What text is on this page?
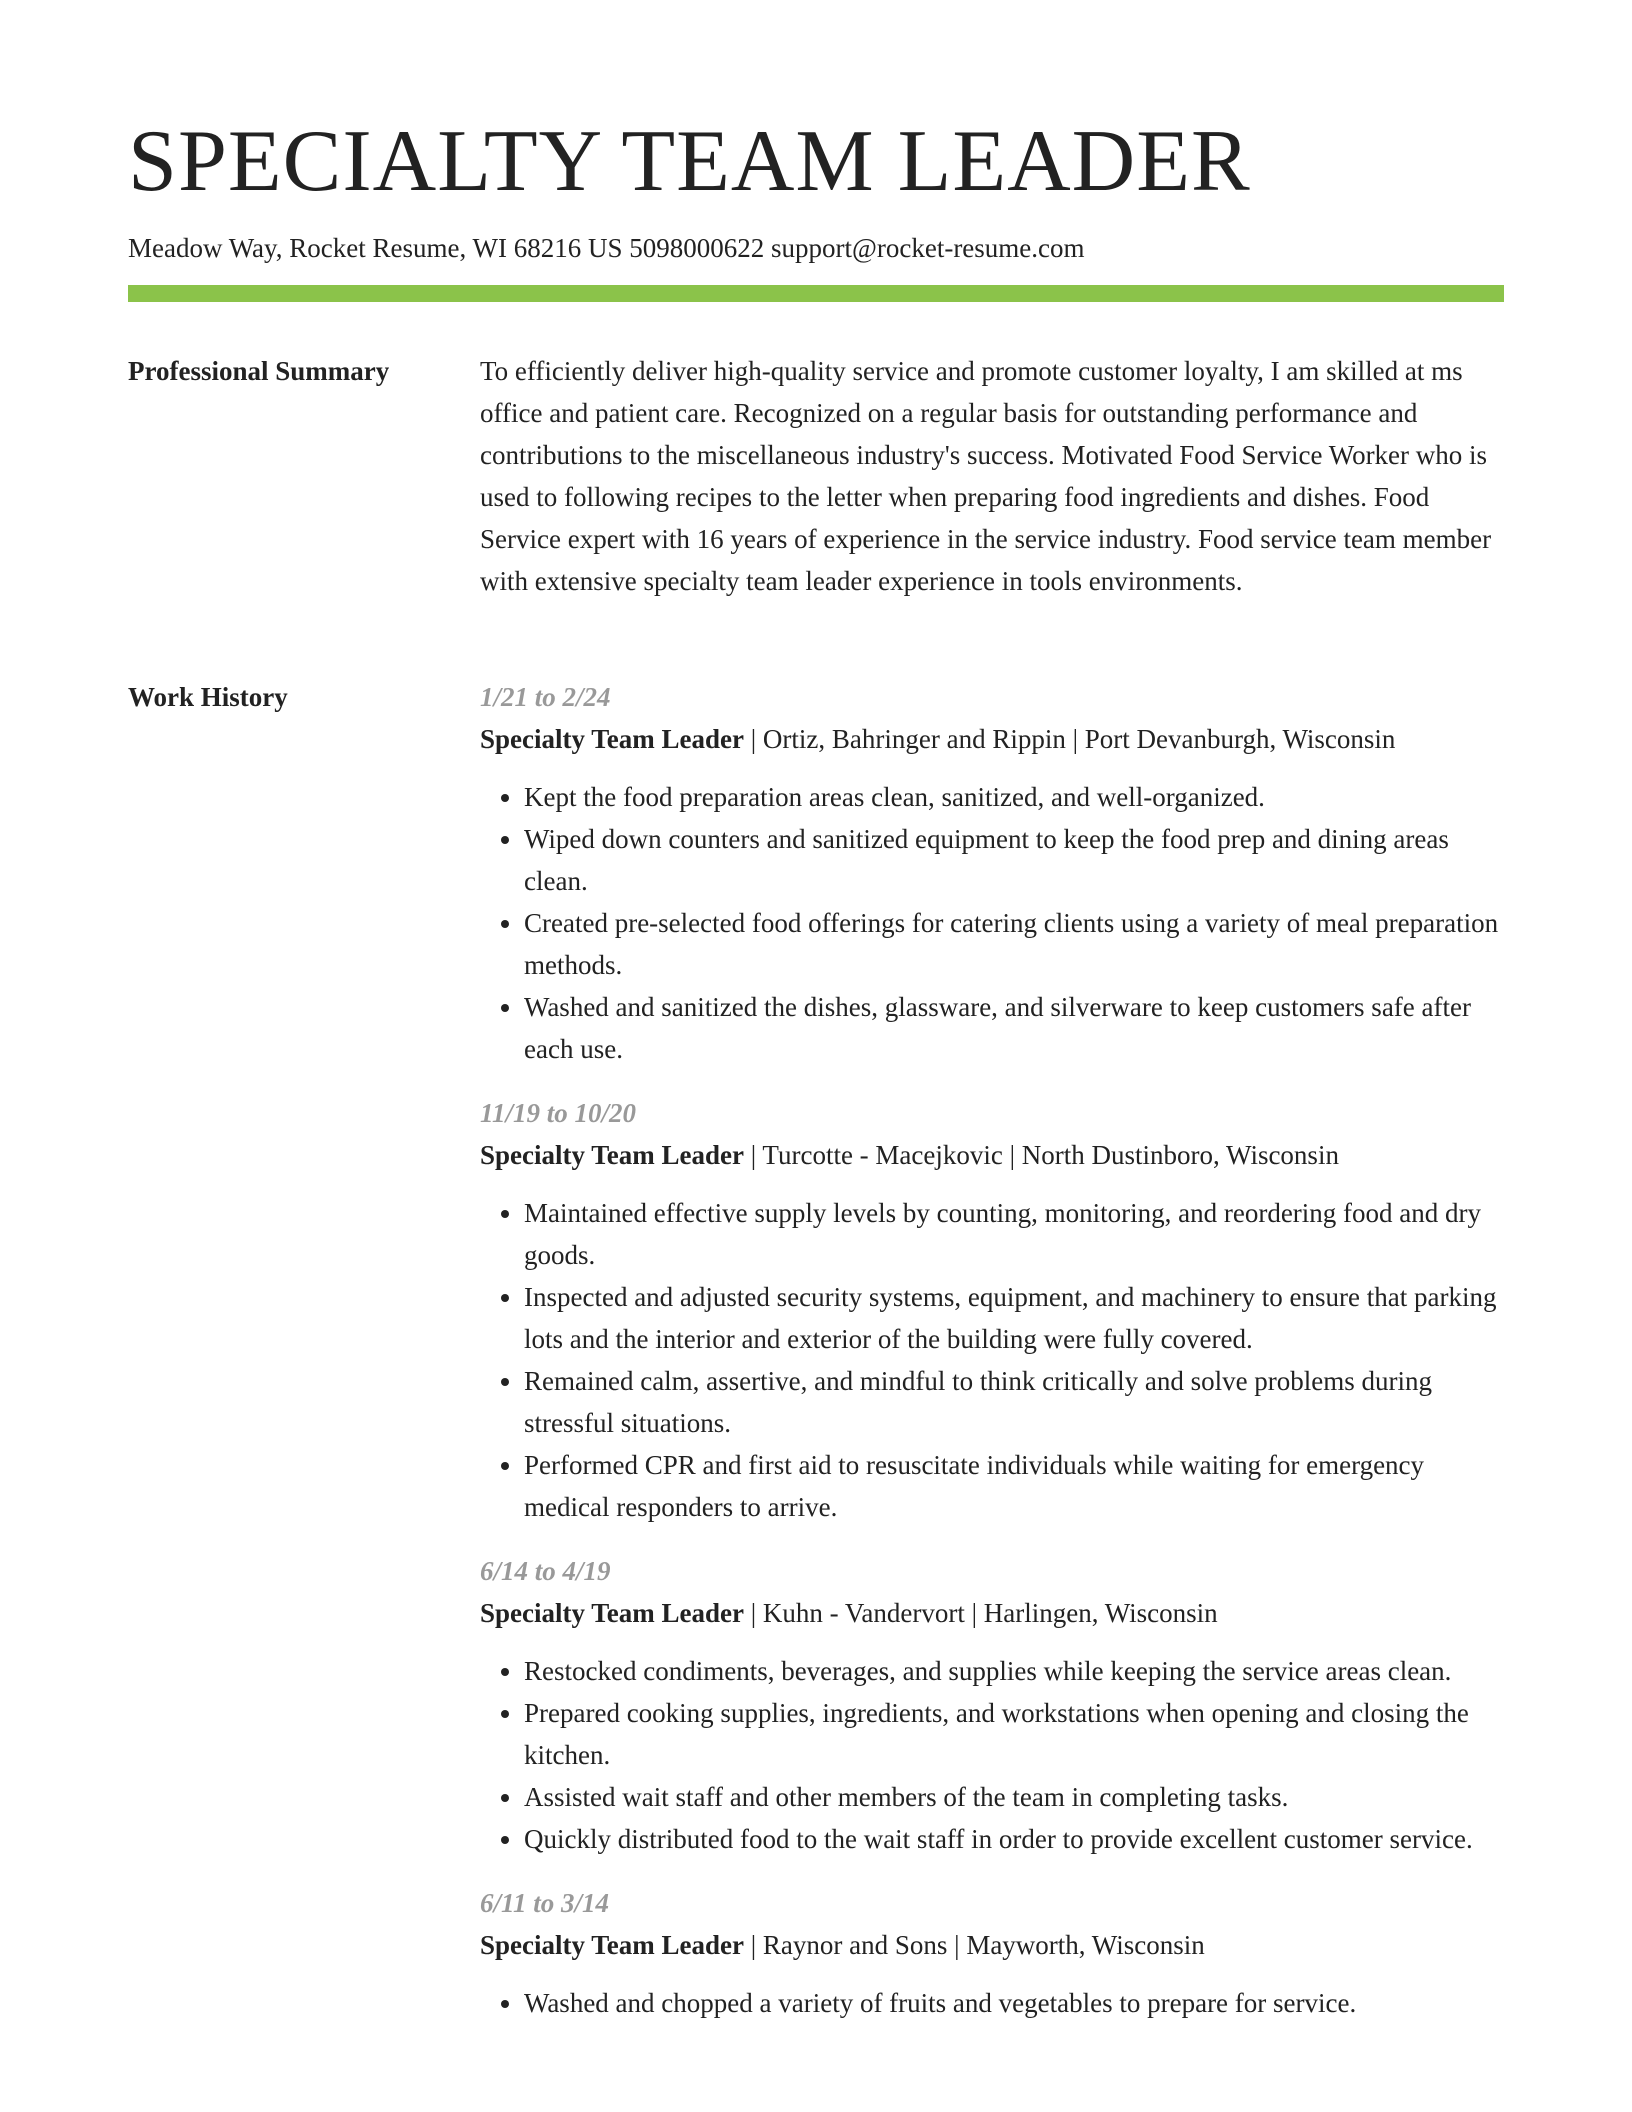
SPECIALTY TEAM LEADER
Meadow Way, Rocket Resume, WI 68216 US 5098000622 support@rocket-resume.com
Professional Summary	To efficiently deliver high-quality service and promote customer loyalty, I am skilled at ms office and patient care. Recognized on a regular basis for outstanding performance and contributions to the miscellaneous industry's success. Motivated Food Service Worker who is used to following recipes to the letter when preparing food ingredients and dishes. Food Service expert with 16 years of experience in the service industry. Food service team member with extensive specialty team leader experience in tools environments.

Work History	1/21 to 2/24
Specialty Team Leader | Ortiz, Bahringer and Rippin | Port Devanburgh, Wisconsin
• Kept the food preparation areas clean, sanitized, and well-organized.
• Wiped down counters and sanitized equipment to keep the food prep and dining areas clean.
• Created pre-selected food offerings for catering clients using a variety of meal preparation methods.
• Washed and sanitized the dishes, glassware, and silverware to keep customers safe after each use.
11/19 to 10/20
Specialty Team Leader | Turcotte - Macejkovic | North Dustinboro, Wisconsin
• Maintained effective supply levels by counting, monitoring, and reordering food and dry goods.
• Inspected and adjusted security systems, equipment, and machinery to ensure that parking lots and the interior and exterior of the building were fully covered.
• Remained calm, assertive, and mindful to think critically and solve problems during stressful situations.
• Performed CPR and first aid to resuscitate individuals while waiting for emergency medical responders to arrive.
6/14 to 4/19
Specialty Team Leader | Kuhn - Vandervort | Harlingen, Wisconsin
• Restocked condiments, beverages, and supplies while keeping the service areas clean.
• Prepared cooking supplies, ingredients, and workstations when opening and closing the kitchen.
• Assisted wait staff and other members of the team in completing tasks.
• Quickly distributed food to the wait staff in order to provide excellent customer service.
6/11 to 3/14
Specialty Team Leader | Raynor and Sons | Mayworth, Wisconsin
• Washed and chopped a variety of fruits and vegetables to prepare for service.
